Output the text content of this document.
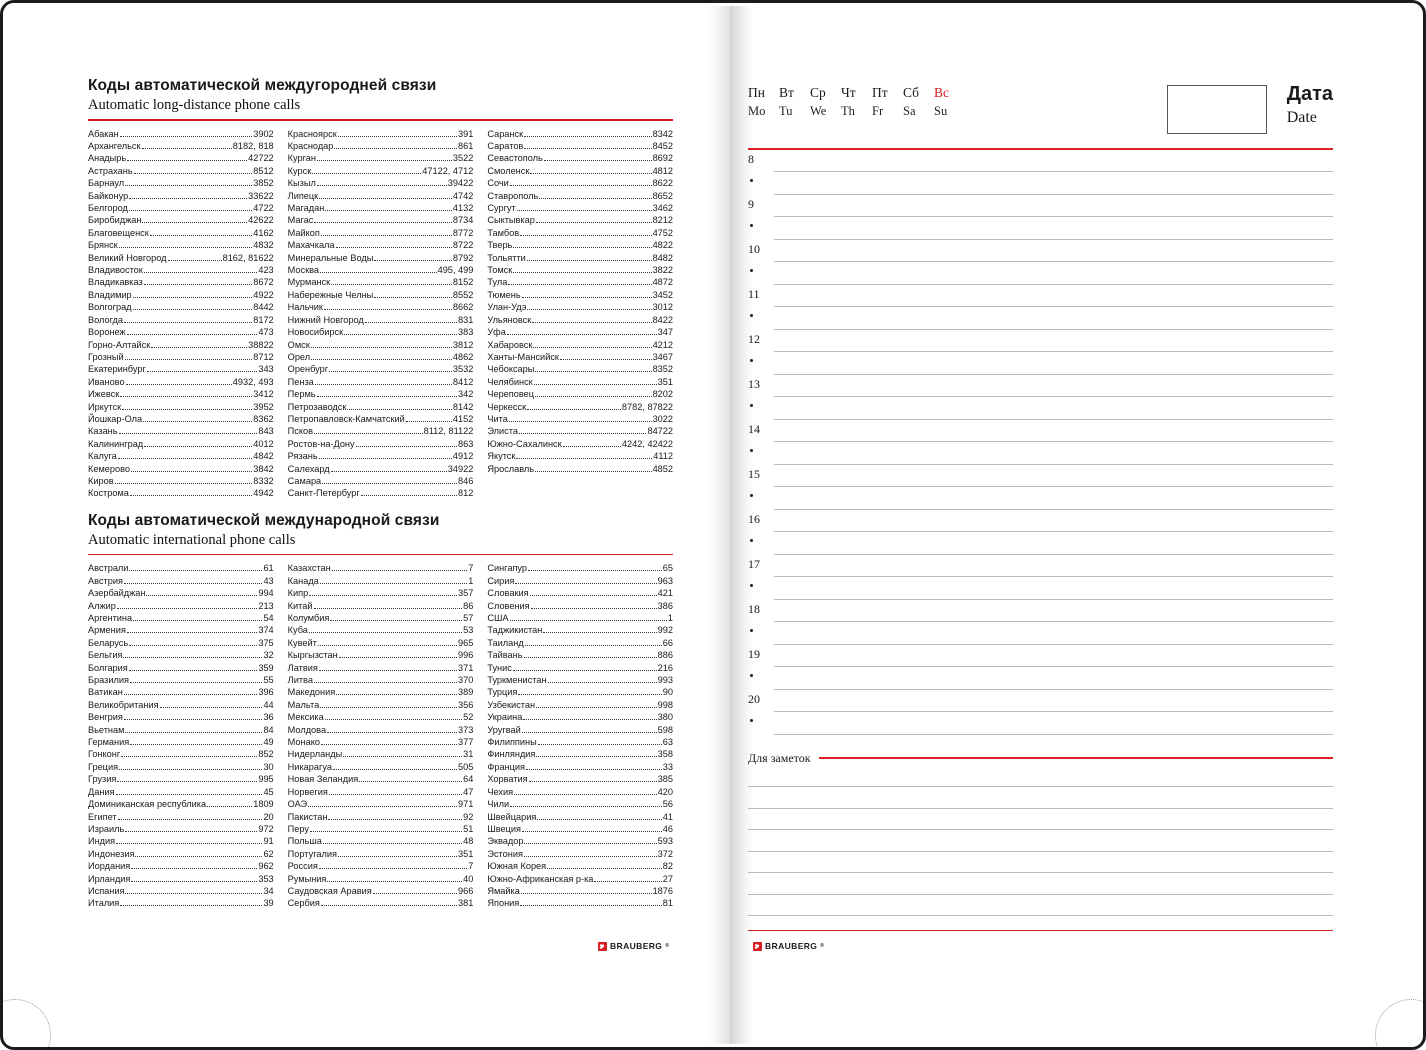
Коды автоматической междугородней связи
Automatic long-distance phone calls
Абакан	3902
Архангельск	8182, 818
Анадырь	42722
Астрахань	8512
Барнаул	3852
Байконур	33622
Белгород	4722
Биробиджан	42622
Благовещенск	4162
Брянск	4832
Великий Новгород	8162, 81622
Владивосток	423
Владикавказ	8672
Владимир	4922
Волгоград	8442
Вологда	8172
Воронеж	473
Горно-Алтайск	38822
Грозный	8712
Екатеринбург	343
Иваново	4932, 493
Ижевск	3412
Иркутск	3952
Йошкар-Ола	8362
Казань	843
Калининград	4012
Калуга	4842
Кемерово	3842
Киров	8332
Кострома	4942
Красноярск	391
Краснодар	861
Курган	3522
Курск	47122, 4712
Кызыл	39422
Липецк	4742
Магадан	4132
Магас	8734
Майкоп	8772
Махачкала	8722
Минеральные Воды	8792
Москва	495, 499
Мурманск	8152
Набережные Челны	8552
Нальчик	8662
Нижний Новгород	831
Новосибирск	383
Омск	3812
Орел	4862
Оренбург	3532
Пенза	8412
Пермь	342
Петрозаводск	8142
Петропавловск-Камчатский	4152
Псков	8112, 81122
Ростов-на-Дону	863
Рязань	4912
Салехард	34922
Самара	846
Санкт-Петербург	812
Саранск	8342
Саратов	8452
Севастополь	8692
Смоленск	4812
Сочи	8622
Ставрополь	8652
Сургут	3462
Сыктывкар	8212
Тамбов	4752
Тверь	4822
Тольятти	8482
Томск	3822
Тула	4872
Тюмень	3452
Улан-Удэ	3012
Ульяновск	8422
Уфа	347
Хабаровск	4212
Ханты-Мансийск	3467
Чебоксары	8352
Челябинск	351
Череповец	8202
Черкесск	8782, 87822
Чита	3022
Элиста	84722
Южно-Сахалинск	4242, 42422
Якутск	4112
Ярославль	4852
Коды автоматической международной связи
Automatic international phone calls
Австрали	61
Австрия	43
Азербайджан	994
Алжир	213
Аргентина	54
Армения	374
Беларусь	375
Бельгия	32
Болгария	359
Бразилия	55
Ватикан	396
Великобритания	44
Венгрия	36
Вьетнам	84
Германия	49
Гонконг	852
Греция	30
Грузия	995
Дания	45
Доминиканская республика	1809
Египет	20
Израиль	972
Индия	91
Индонезия	62
Иордания	962
Ирландия	353
Испания	34
Италия	39
Казахстан	7
Канада	1
Кипр	357
Китай	86
Колумбия	57
Куба	53
Кувейт	965
Кыргызстан	996
Латвия	371
Литва	370
Македония	389
Мальта	356
Мексика	52
Молдова	373
Монако	377
Нидерланды	31
Никарагуа	505
Новая Зеландия	64
Норвегия	47
ОАЭ	971
Пакистан	92
Перу	51
Польша	48
Португалия	351
Россия	7
Румыния	40
Саудовская Аравия	966
Сербия	381
Сингапур	65
Сирия	963
Словакия	421
Словения	386
США	1
Таджикистан	992
Таиланд	66
Тайвань	886
Тунис	216
Туркменистан	993
Турция	90
Узбекистан	998
Украина	380
Уругвай	598
Филиппины	63
Финляндия	358
Франция	33
Хорватия	385
Чехия	420
Чили	56
Швейцария	41
Швеция	46
Эквадор	593
Эстония	372
Южная Корея	82
Южно-Африканская р-ка	27
Ямайка	1876
Япония	81
BRAUBERG ®
Пн	Вт	Ср	Чт	Пт	Сб	Вс
Mo	Tu	We	Th	Fr	Sa	Su
Дата
Date
8
9
10
11
12
13
14
15
16
17
18
19
20
Для заметок
BRAUBERG ®
